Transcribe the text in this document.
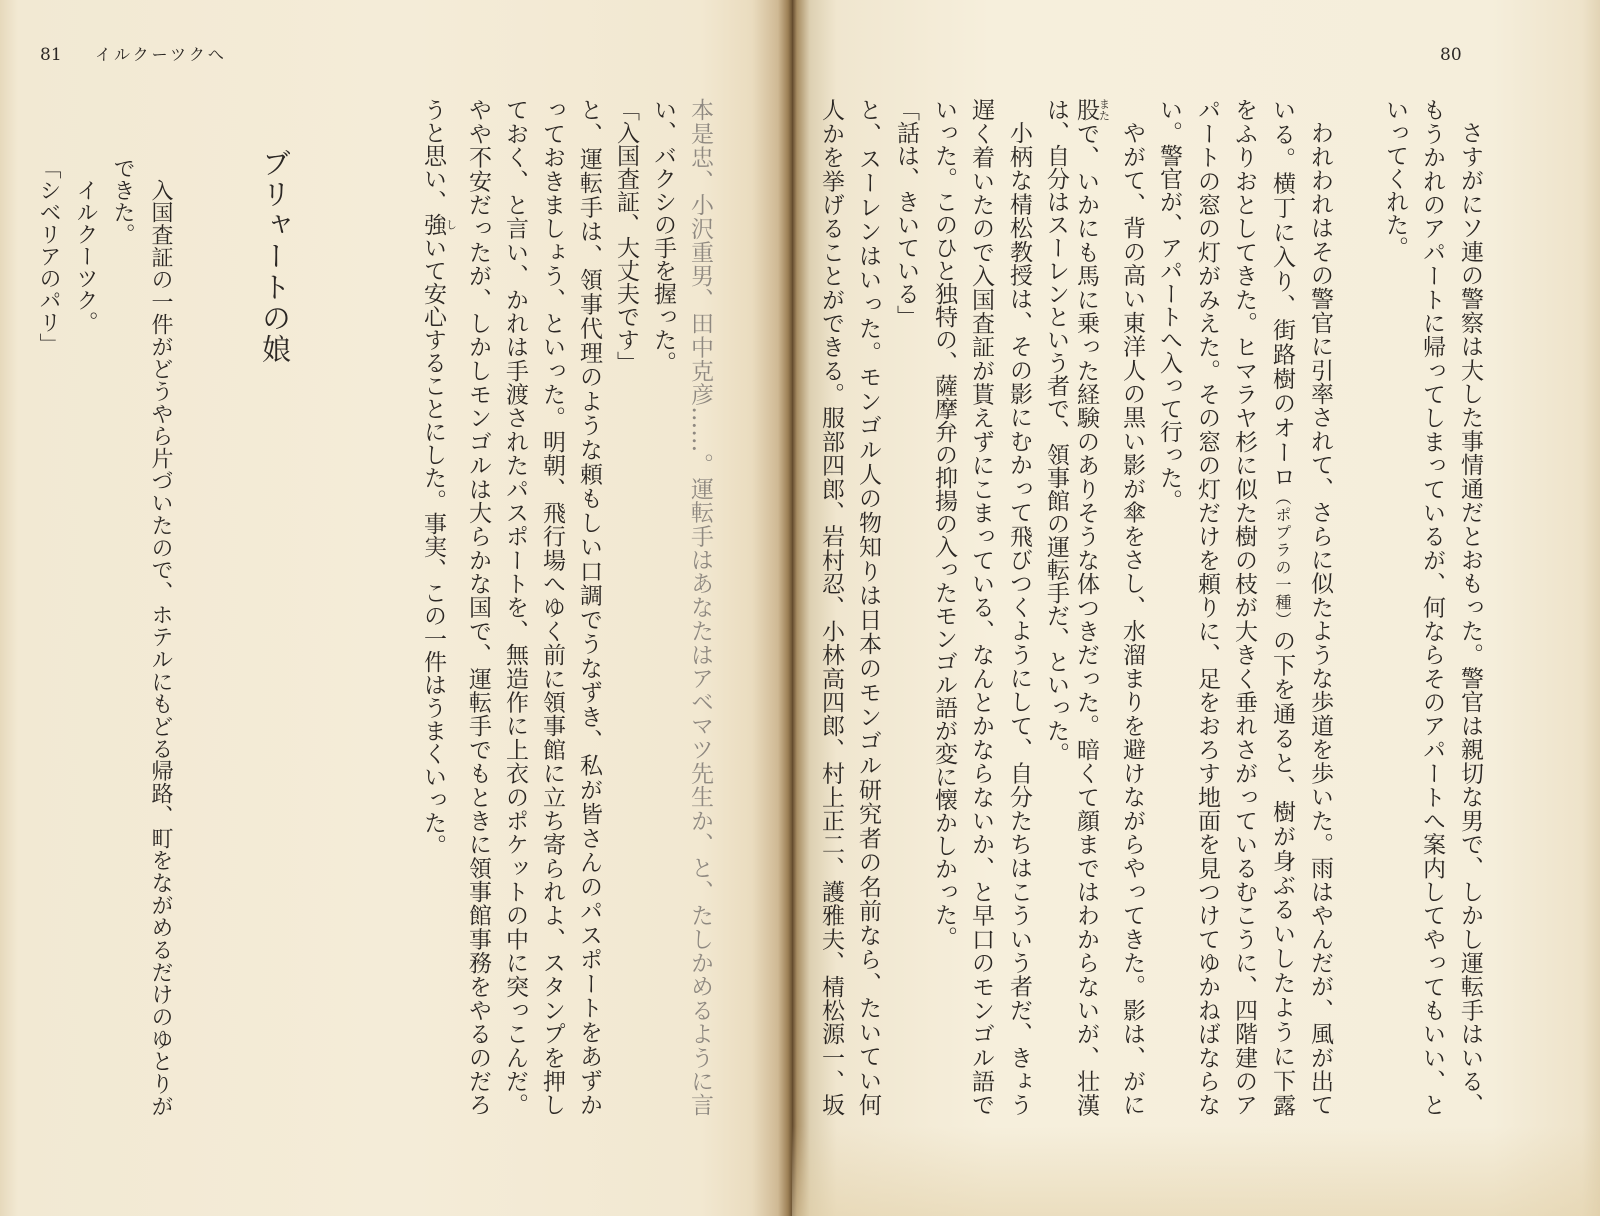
81 イルクーツクへ
本是忠、小沢重男、田中克彦……。運転手はあなたはアベマツ先生か、と、たしかめるように言
い、バクシの手を握った。
「入国査証、大丈夫です」
と、運転手は、領事代理のような頼もしい口調でうなずき、私が皆さんのパスポートをあずか
っておきましょう、といった。明朝、飛行場へゆく前に領事館に立ち寄られよ、スタンプを押し
ておく、と言い、かれは手渡されたパスポートを、無造作に上衣のポケットの中に突っこんだ。
やや不安だったが、しかしモンゴルは大らかな国で、運転手でもときに領事館事務をやるのだろ
うと思い、強しいて安心することにした。事実、この一件はうまくいった。
ブリャートの娘
入国査証の一件がどうやら片づいたので、ホテルにもどる帰路、町をながめるだけのゆとりが
できた。
イルクーツク。
「シベリアのパリ」
80
さすがにソ連の警察は大した事情通だとおもった。警官は親切な男で、しかし運転手はいる、
もうかれのアパートに帰ってしまっているが、何ならそのアパートへ案内してやってもいい、と
いってくれた。
われわれはその警官に引率されて、さらに似たような歩道を歩いた。雨はやんだが、風が出て
いる。横丁に入り、街路樹のオーロ（ポプラの一種）の下を通ると、樹が身ぶるいしたように下露
をふりおとしてきた。ヒマラヤ杉に似た樹の枝が大きく垂れさがっているむこうに、四階建のア
パートの窓の灯がみえた。その窓の灯だけを頼りに、足をおろす地面を見つけてゆかねばならな
い。警官が、アパートへ入って行った。
やがて、背の高い東洋人の黒い影が傘をさし、水溜まりを避けながらやってきた。影は、がに
股またで、いかにも馬に乗った経験のありそうな体つきだった。暗くて顔まではわからないが、壮漢
は、自分はスーレンという者で、領事館の運転手だ、といった。
小柄な棈松教授は、その影にむかって飛びつくようにして、自分たちはこういう者だ、きょう
遅く着いたので入国査証が貰えずにこまっている、なんとかならないか、と早口のモンゴル語で
いった。このひと独特の、薩摩弁の抑揚の入ったモンゴル語が変に懐かしかった。
「話は、きいている」
と、スーレンはいった。モンゴル人の物知りは日本のモンゴル研究者の名前なら、たいてい何
人かを挙げることができる。服部四郎、岩村忍、小林高四郎、村上正二、護雅夫、棈松源一、坂
